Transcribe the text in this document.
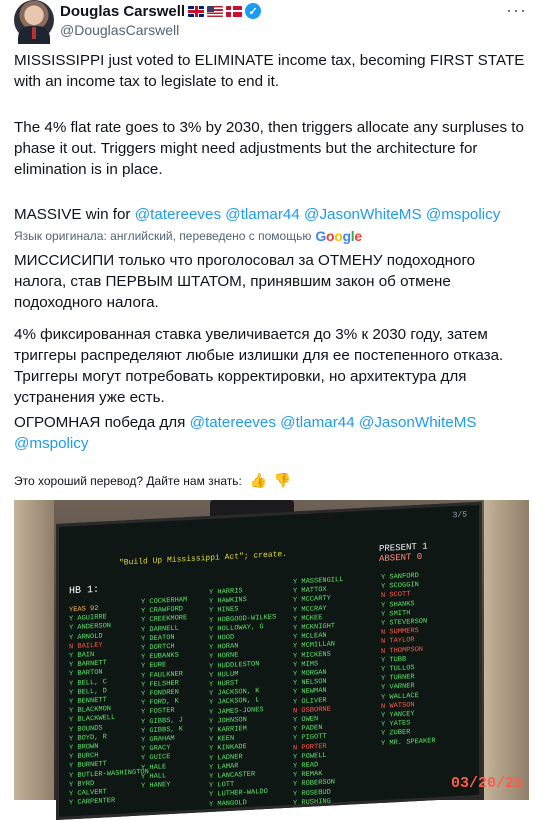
Douglas Carswell	✓
@DouglasCarswell
···

MISSISSIPPI just voted to ELIMINATE income tax, becoming FIRST STATE with an income tax to legislate to end it.

The 4% flat rate goes to 3% by 2030, then triggers allocate any surpluses to phase it out. Triggers might need adjustments but the architecture for elimination is in place.

MASSIVE win for @tatereeves @tlamar44 @JasonWhiteMS @mspolicy

Язык оригинала: английский, переведено с помощью Google

МИССИСИПИ только что проголосовал за ОТМЕНУ подоходного налога, став ПЕРВЫМ ШТАТОМ, принявшим закон об отмене подоходного налога.

4% фиксированная ставка увеличивается до 3% к 2030 году, затем триггеры распределяют любые излишки для ее постепенного отказа. Триггеры могут потребовать корректировки, но архитектура для устранения уже есть.

ОГРОМНАЯ победа для @tatereeves @tlamar44 @JasonWhiteMS
@mspolicy

Это хороший перевод? Дайте нам знать: 👍 👎
3/5
"Build Up Mississippi Act"; create.
HB 1:
PRESENT 1
ABSENT 0
YEAS 92
Y AGUIRRE
Y ANDERSON
Y ARNOLD
N BAILEY
Y BAIN
Y BARNETT
Y BARTON
Y BELL, C
Y BELL, D
Y BENNETT
Y BLACKMON
Y BLACKWELL
Y BOUNDS
Y BOYD, R
Y BROWN
Y BURCH
Y BURNETT
Y BUTLER-WASHINGTON
Y BYRD
Y CALVERT
Y CARPENTER
Y COCKERHAM
Y CRAWFORD
Y CREEKMORE
Y DARNELL
Y DEATON
Y DORTCH
Y EUBANKS
Y EURE
Y FAULKNER
Y FELSHER
Y FONDREN
Y FORD, K
Y FOSTER
Y GIBBS, J
Y GIBBS, K
Y GRAHAM
Y GRACY
Y GUICE
Y HALE
Y HALL
Y HANEY
Y HARRIS
Y HAWKINS
Y HINES
Y HOBGOOD-WILKES
Y HOLLOWAY, G
Y HOOD
Y HORAN
Y HORNE
Y HUDDLESTON
Y HULUM
Y HURST
Y JACKSON, K
Y JACKSON, L
Y JAMES-JONES
Y JOHNSON
Y KARRIEM
Y KEEN
Y KINKADE
Y LADNER
Y LAMAR
Y LANCASTER
Y LOTT
Y LUTHER-WALDO
Y MANGOLD
Y MASSENGILL
Y MATTOX
Y MCCARTY
Y MCCRAY
Y MCKEE
Y MCKNIGHT
Y MCLEAN
Y MCMILLAN
Y MICKENS
Y MIMS
Y MORGAN
Y NELSON
Y NEWMAN
Y OLIVER
N OSBORNE
Y OWEN
Y PADEN
Y PIGOTT
N PORTER
Y POWELL
Y READ
Y REMAK
Y ROBERSON
Y ROSEBUD
Y RUSHING
Y SANFORD
Y SCOGGIN
N SCOTT
Y SHANKS
Y SMITH
Y STEVERSON
N SUMMERS
N TAYLOR
N THOMPSON
Y TUBB
Y TULLOS
Y TURNER
Y VARNER
Y WALLACE
N WATSON
Y YANCEY
Y YATES
Y ZUBER
Y MR. SPEAKER
03/20/25
